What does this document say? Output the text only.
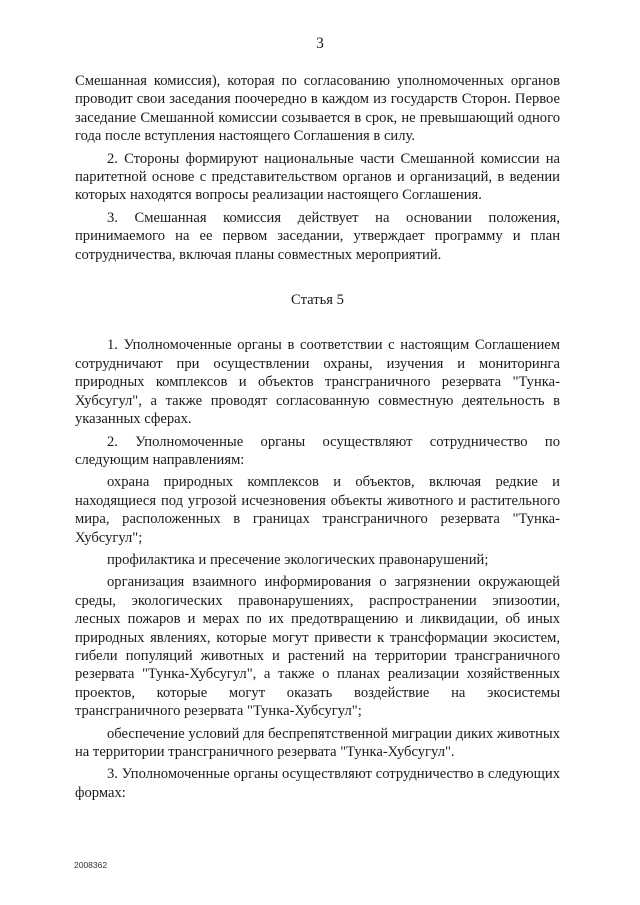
3

Смешанная комиссия), которая по согласованию уполномоченных органов проводит свои заседания поочередно в каждом из государств Сторон. Первое заседание Смешанной комиссии созывается в срок, не превышающий одного года после вступления настоящего Соглашения в силу.

2. Стороны формируют национальные части Смешанной комиссии на паритетной основе с представительством органов и организаций, в ведении которых находятся вопросы реализации настоящего Соглашения.

3. Смешанная комиссия действует на основании положения, принимаемого на ее первом заседании, утверждает программу и план сотрудничества, включая планы совместных мероприятий.

Статья 5

1. Уполномоченные органы в соответствии с настоящим Соглашением сотрудничают при осуществлении охраны, изучения и мониторинга природных комплексов и объектов трансграничного резервата "Тунка-Хубсугул", а также проводят согласованную совместную деятельность в указанных сферах.

2. Уполномоченные органы осуществляют сотрудничество по следующим направлениям:

охрана природных комплексов и объектов, включая редкие и находящиеся под угрозой исчезновения объекты животного и растительного мира, расположенных в границах трансграничного резервата "Тунка-Хубсугул";

профилактика и пресечение экологических правонарушений;

организация взаимного информирования о загрязнении окружающей среды, экологических правонарушениях, распространении эпизоотии, лесных пожаров и мерах по их предотвращению и ликвидации, об иных природных явлениях, которые могут привести к трансформации экосистем, гибели популяций животных и растений на территории трансграничного резервата "Тунка-Хубсугул", а также о планах реализации хозяйственных проектов, которые могут оказать воздействие на экосистемы трансграничного резервата "Тунка-Хубсугул";

обеспечение условий для беспрепятственной миграции диких животных на территории трансграничного резервата "Тунка-Хубсугул".

3. Уполномоченные органы осуществляют сотрудничество в следующих формах:

2008362
